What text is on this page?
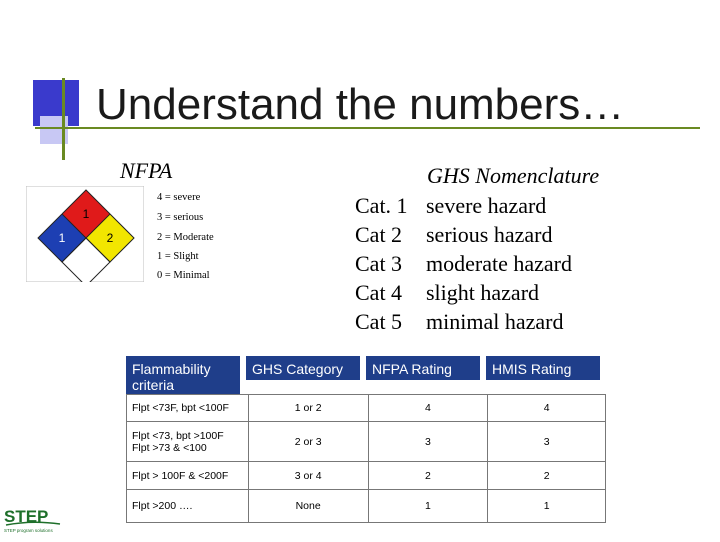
Understand the numbers…
NFPA	GHS Nomenclature
1
1	2
4 = severe
3 = serious
2 = Moderate
1 = Slight
0 = Minimal
Cat. 1 severe hazard
Cat 2 serious hazard
Cat 3 moderate hazard
Cat 4 slight hazard
Cat 5 minimal hazard
Flammability criteria
GHS Category	NFPA Rating	HMIS Rating
Flpt <73F, bpt <100F	1 or 2	4	4

Flpt <73, bpt >100F
Flpt >73 & <100	2 or 3	3	3
Flpt > 100F & <200F	3 or 4	2	2
Flpt >200 ….	None	1	1
STEP
STEP program solutions
